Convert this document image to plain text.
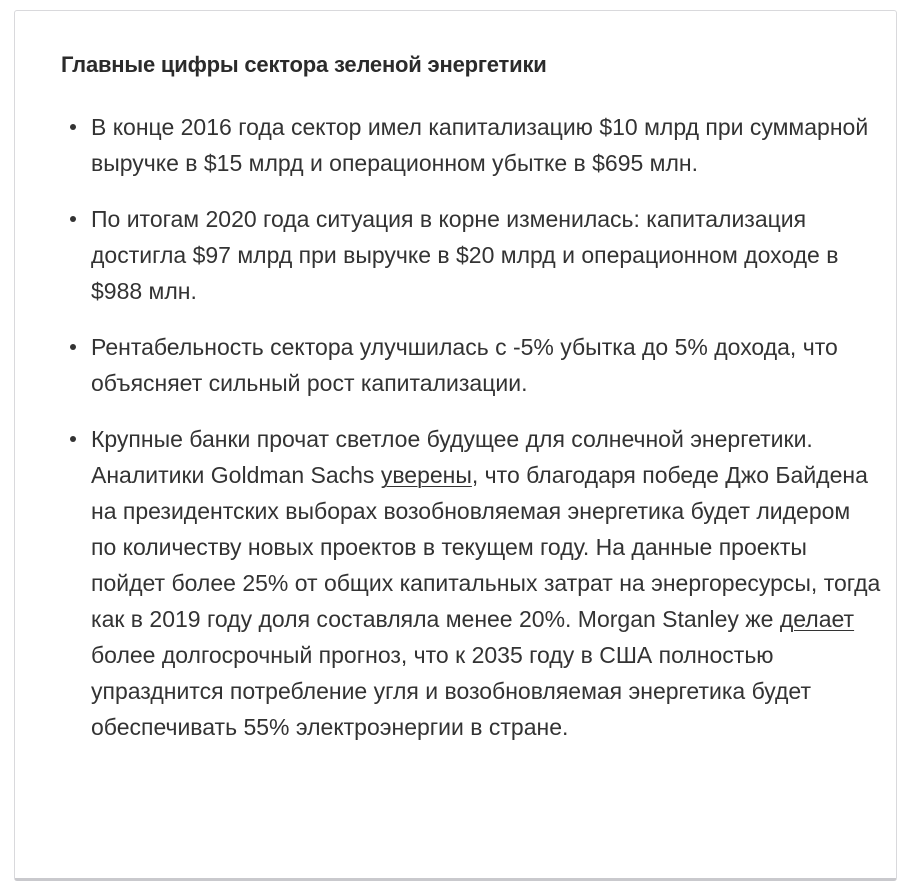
Главные цифры сектора зеленой энергетики
В конце 2016 года сектор имел капитализацию $10 млрд при суммарной выручке в $15 млрд и операционном убытке в $695 млн.
По итогам 2020 года ситуация в корне изменилась: капитализация достигла $97 млрд при выручке в $20 млрд и операционном доходе в $988 млн.
Рентабельность сектора улучшилась с -5% убытка до 5% дохода, что объясняет сильный рост капитализации.
Крупные банки прочат светлое будущее для солнечной энергетики. Аналитики Goldman Sachs уверены, что благодаря победе Джо Байдена на президентских выборах возобновляемая энергетика будет лидером по количеству новых проектов в текущем году. На данные проекты пойдет более 25% от общих капитальных затрат на энергоресурсы, тогда как в 2019 году доля составляла менее 20%. Morgan Stanley же делает более долгосрочный прогноз, что к 2035 году в США полностью упразднится потребление угля и возобновляемая энергетика будет обеспечивать 55% электроэнергии в стране.
